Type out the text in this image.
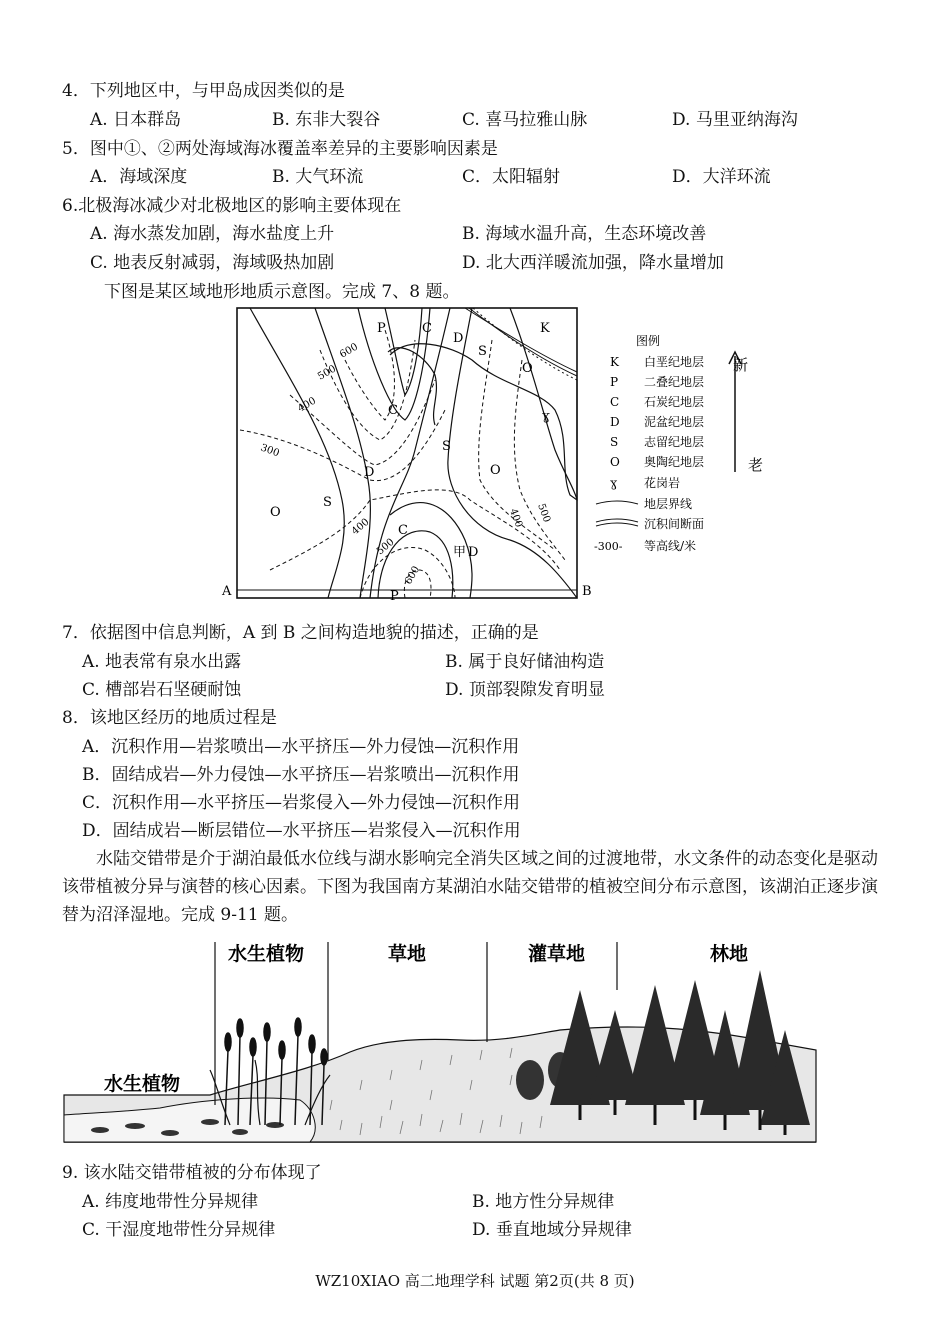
4．下列地区中，与甲岛成因类似的是
A. 日本群岛	B. 东非大裂谷	C. 喜马拉雅山脉	D. 马里亚纳海沟
5．图中①、②两处海域海冰覆盖率差异的主要影响因素是
A．海域深度	B. 大气环流	C．太阳辐射	D．大洋环流
6.北极海冰减少对北极地区的影响主要体现在
A. 海水蒸发加剧，海水盐度上升	B. 海域水温升高，生态环境改善
C. 地表反射减弱，海域吸热加剧	D. 北大西洋暖流加强，降水量增加
下图是某区域地形地质示意图。完成 7、8 题。
A	B
600
500
400
300
400
500
600
400 500
P	C
D
S
K
O
C
S
D	O
S
O
C
D
P
ɣ
甲
图例
K 白垩纪地层
P 二叠纪地层
C 石炭纪地层
D 泥盆纪地层
S 志留纪地层
O 奥陶纪地层
ɣ 花岗岩
地层界线
沉积间断面
-300- 等高线/米
新
老
7．依据图中信息判断，A 到 B 之间构造地貌的描述，正确的是
A. 地表常有泉水出露	B. 属于良好储油构造
C. 槽部岩石坚硬耐蚀	D. 顶部裂隙发育明显
8．该地区经历的地质过程是
A．沉积作用—岩浆喷出—水平挤压—外力侵蚀—沉积作用
B．固结成岩—外力侵蚀—水平挤压—岩浆喷出—沉积作用
C．沉积作用—水平挤压—岩浆侵入—外力侵蚀—沉积作用
D．固结成岩—断层错位—水平挤压—岩浆侵入—沉积作用
水陆交错带是介于湖泊最低水位线与湖水影响完全消失区域之间的过渡地带，水文条件的动态变化是驱动该带植被分异与演替的核心因素。下图为我国南方某湖泊水陆交错带的植被空间分布示意图，该湖泊正逐步演替为沼泽湿地。完成 9-11 题。
水生植物	草地	灌草地	林地
水生植物
9. 该水陆交错带植被的分布体现了
A. 纬度地带性分异规律	B. 地方性分异规律
C. 干湿度地带性分异规律	D. 垂直地域分异规律
WZ10XIAO 高二地理学科 试题 第2页(共 8 页)
